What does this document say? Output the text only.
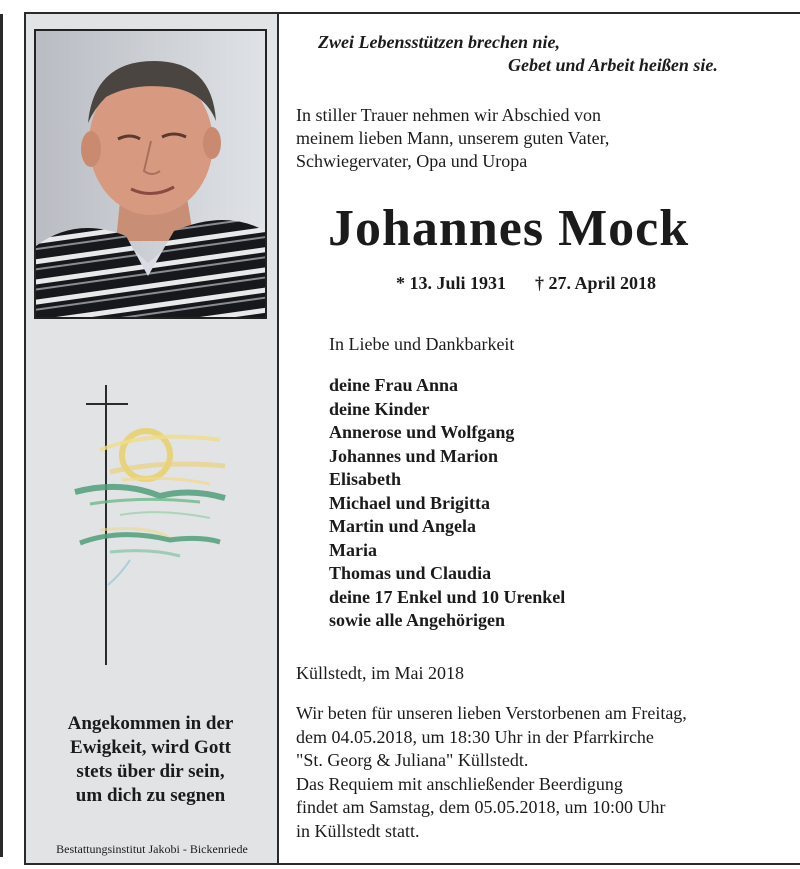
Angekommen in der
Ewigkeit, wird Gott
stets über dir sein,
um dich zu segnen
Bestattungsinstitut Jakobi - Bickenriede
Zwei Lebensstützen brechen nie,
Gebet und Arbeit heißen sie.
In stiller Trauer nehmen wir Abschied von
meinem lieben Mann, unserem guten Vater,
Schwiegervater, Opa und Uropa
Johannes Mock
* 13. Juli 1931 † 27. April 2018
In Liebe und Dankbarkeit
deine Frau Anna
deine Kinder
Annerose und Wolfgang
Johannes und Marion
Elisabeth
Michael und Brigitta
Martin und Angela
Maria
Thomas und Claudia
deine 17 Enkel und 10 Urenkel
sowie alle Angehörigen
Küllstedt, im Mai 2018
Wir beten für unseren lieben Verstorbenen am Freitag,
dem 04.05.2018, um 18:30 Uhr in der Pfarrkirche
"St. Georg & Juliana" Küllstedt.
Das Requiem mit anschließender Beerdigung
findet am Samstag, dem 05.05.2018, um 10:00 Uhr
in Küllstedt statt.
